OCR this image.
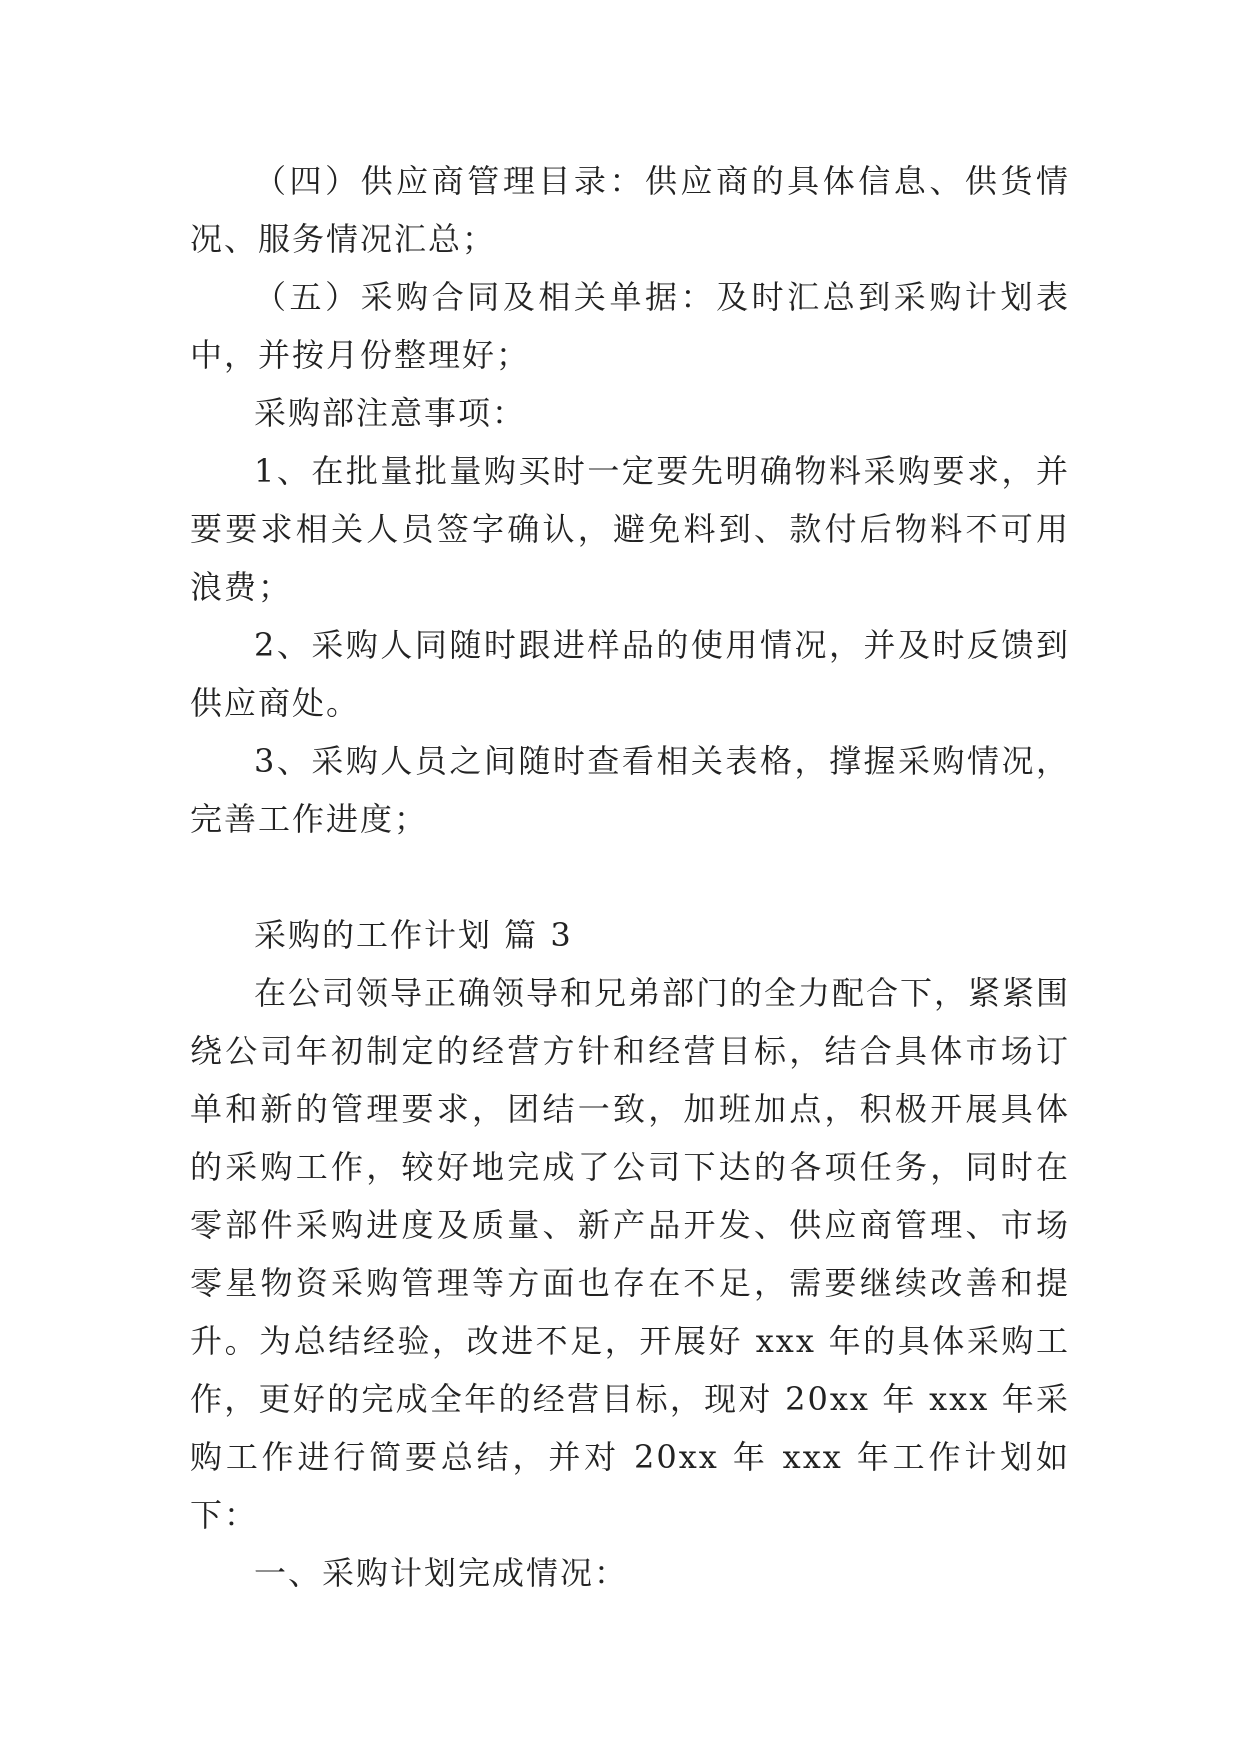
（四）供应商管理目录：供应商的具体信息、供货情况、服务情况汇总；

（五）采购合同及相关单据：及时汇总到采购计划表中，并按月份整理好；

采购部注意事项：

1、在批量批量购买时一定要先明确物料采购要求，并要要求相关人员签字确认，避免料到、款付后物料不可用浪费；

2、采购人同随时跟进样品的使用情况，并及时反馈到供应商处。

3、采购人员之间随时查看相关表格，撑握采购情况，完善工作进度；

采购的工作计划 篇 3

在公司领导正确领导和兄弟部门的全力配合下，紧紧围绕公司年初制定的经营方针和经营目标，结合具体市场订单和新的管理要求，团结一致，加班加点，积极开展具体的采购工作，较好地完成了公司下达的各项任务，同时在零部件采购进度及质量、新产品开发、供应商管理、市场零星物资采购管理等方面也存在不足，需要继续改善和提升。为总结经验，改进不足，开展好 xxx 年的具体采购工作，更好的完成全年的经营目标，现对 20xx 年 xxx 年采购工作进行简要总结，并对 20xx 年 xxx 年工作计划如下：

一、采购计划完成情况：
